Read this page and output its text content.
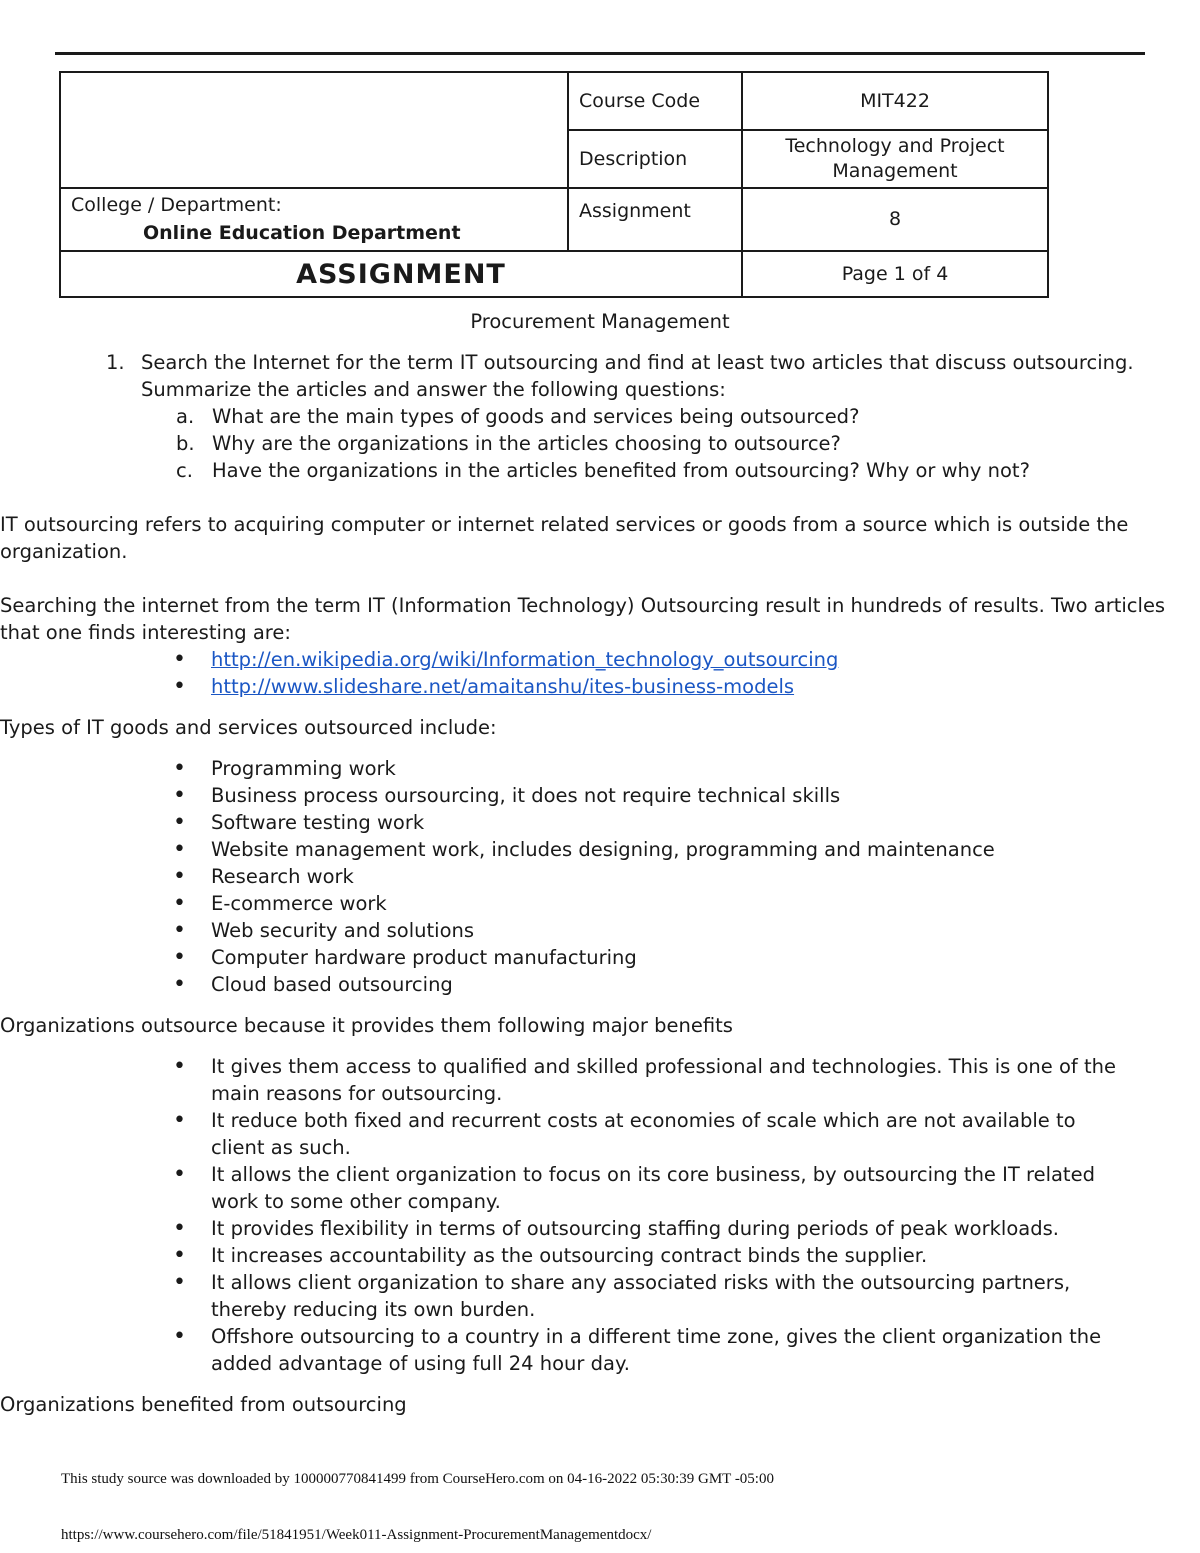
	Course Code	MIT422
	Description	Technology and Project Management

College / Department:
Online Education Department	Assignment	8
ASSIGNMENT		Page 1 of 4

Procurement Management

1. Search the Internet for the term IT outsourcing and find at least two articles that discuss outsourcing. Summarize the articles and answer the following questions:
a. What are the main types of goods and services being outsourced?
b. Why are the organizations in the articles choosing to outsource?
c. Have the organizations in the articles benefited from outsourcing? Why or why not?

IT outsourcing refers to acquiring computer or internet related services or goods from a source which is outside the organization.

Searching the internet from the term IT (Information Technology) Outsourcing result in hundreds of results. Two articles that one finds interesting are:

• http://en.wikipedia.org/wiki/Information_technology_outsourcing
• http://www.slideshare.net/amaitanshu/ites-business-models

Types of IT goods and services outsourced include:

• Programming work
• Business process oursourcing, it does not require technical skills
• Software testing work
• Website management work, includes designing, programming and maintenance
• Research work
• E-commerce work
• Web security and solutions
• Computer hardware product manufacturing
• Cloud based outsourcing

Organizations outsource because it provides them following major benefits

• It gives them access to qualified and skilled professional and technologies. This is one of the main reasons for outsourcing.
• It reduce both fixed and recurrent costs at economies of scale which are not available to client as such.
• It allows the client organization to focus on its core business, by outsourcing the IT related work to some other company.
• It provides flexibility in terms of outsourcing staffing during periods of peak workloads.
• It increases accountability as the outsourcing contract binds the supplier.
• It allows client organization to share any associated risks with the outsourcing partners, thereby reducing its own burden.
• Offshore outsourcing to a country in a different time zone, gives the client organization the added advantage of using full 24 hour day.

Organizations benefited from outsourcing

This study source was downloaded by 100000770841499 from CourseHero.com on 04-16-2022 05:30:39 GMT -05:00
https://www.coursehero.com/file/51841951/Week011-Assignment-ProcurementManagementdocx/
